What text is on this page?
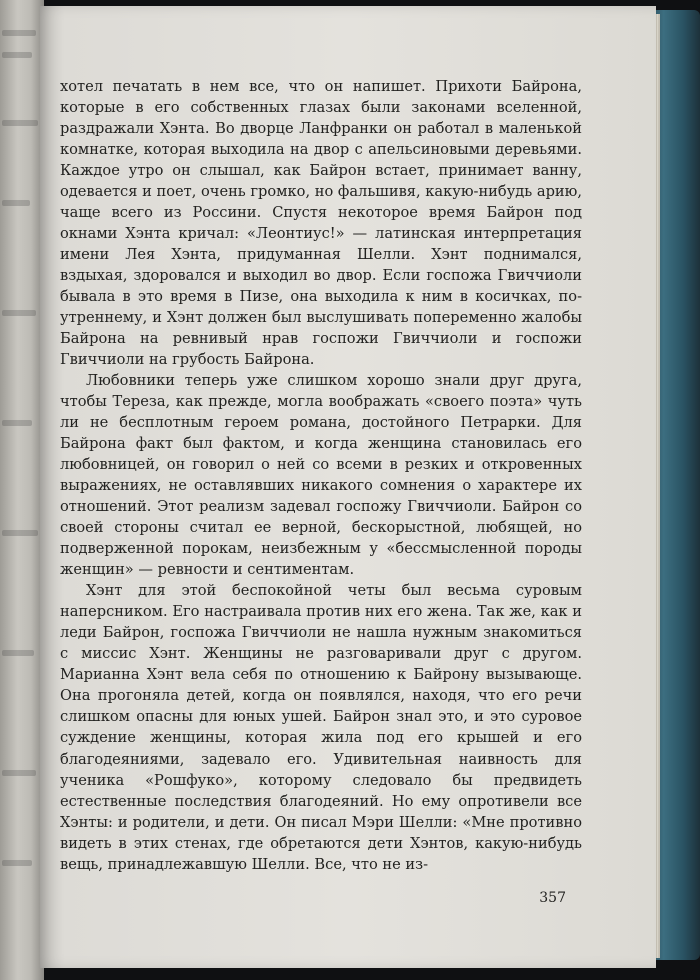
хотел печатать в нем все, что он напишет. Прихоти Байрона, которые в его собственных глазах были законами вселенной, раздражали Хэнта. Во дворце Ланфранки он работал в маленькой комнатке, которая выходила на двор с апельсиновыми деревьями. Каждое утро он слышал, как Байрон встает, принимает ванну, одевается и поет, очень громко, но фальшивя, какую-нибудь арию, чаще всего из Россини. Спустя некоторое время Байрон под окнами Хэнта кричал: «Леонтиус!» — латинская интерпретация имени Лея Хэнта, придуманная Шелли. Хэнт поднимался, вздыхая, здоровался и выходил во двор. Если госпожа Гвиччиоли бывала в это время в Пизе, она выходила к ним в косичках, по-утреннему, и Хэнт должен был выслушивать попеременно жалобы Байрона на ревнивый нрав госпожи Гвиччиоли и госпожи Гвиччиоли на грубость Байрона.

Любовники теперь уже слишком хорошо знали друг друга, чтобы Тереза, как прежде, могла воображать «своего поэта» чуть ли не бесплотным героем романа, достойного Петрарки. Для Байрона факт был фактом, и когда женщина становилась его любовницей, он говорил о ней со всеми в резких и откровенных выражениях, не оставлявших никакого сомнения о характере их отношений. Этот реализм задевал госпожу Гвиччиоли. Байрон со своей стороны считал ее верной, бескорыстной, любящей, но подверженной порокам, неизбежным у «бессмысленной породы женщин» — ревности и сентиментам.

Хэнт для этой беспокойной четы был весьма суровым наперсником. Его настраивала против них его жена. Так же, как и леди Байрон, госпожа Гвиччиоли не нашла нужным знакомиться с миссис Хэнт. Женщины не разговаривали друг с другом. Марианна Хэнт вела себя по отношению к Байрону вызывающе. Она прогоняла детей, когда он появлялся, находя, что его речи слишком опасны для юных ушей. Байрон знал это, и это суровое суждение женщины, которая жила под его крышей и его благодеяниями, задевало его. Удивительная наивность для ученика «Рошфуко», которому следовало бы предвидеть естественные последствия благодеяний. Но ему опротивели все Хэнты: и родители, и дети. Он писал Мэри Шелли: «Мне противно видеть в этих стенах, где обретаются дети Хэнтов, какую-нибудь вещь, принадлежавшую Шелли. Все, что не из-

357
